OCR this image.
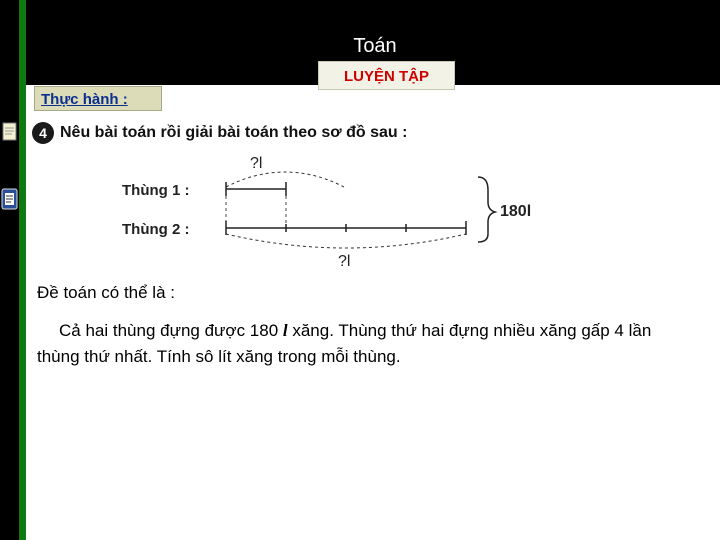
Toán
LUYỆN TẬP
Thực hành :
4 Nêu bài toán rồi giải bài toán theo sơ đồ sau :
?l
Thùng 1 :
Thùng 2 :
?l
180l
Đề toán có thể là :
Cả hai thùng đựng được 180 l xăng. Thùng thứ hai đựng nhiều xăng gấp 4 lần thùng thứ nhất. Tính sô lít xăng trong mỗi thùng.
